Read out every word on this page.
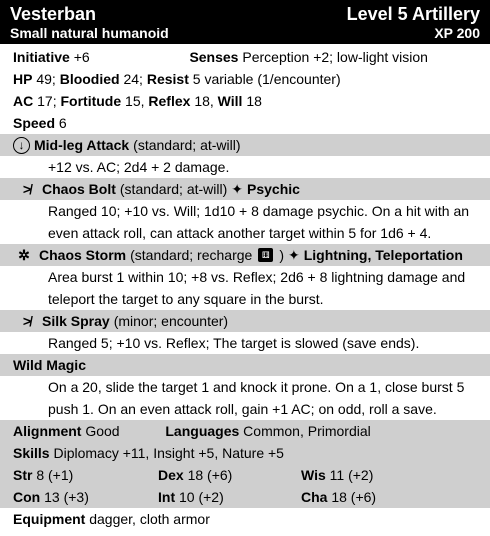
Vesterban	Level 5 Artillery
Small natural humanoid	XP 200
Initiative +6	Senses Perception +2; low-light vision
HP 49; Bloodied 24; Resist 5 variable (1/encounter)
AC 17; Fortitude 15, Reflex 18, Will 18
Speed 6
↓ Mid-leg Attack (standard; at-will)
+12 vs. AC; 2d4 + 2 damage.
≯ Chaos Bolt (standard; at-will) ✦ Psychic
Ranged 10; +10 vs. Will; 1d10 + 8 damage psychic. On a hit with an even attack roll, can attack another target within 5 for 1d6 + 4.
✲ Chaos Storm (standard; recharge	⚅ ) ✦ Lightning, Teleportation
Area burst 1 within 10; +8 vs. Reflex; 2d6 + 8 lightning damage and teleport the target to any square in the burst.
≯ Silk Spray (minor; encounter)
Ranged 5; +10 vs. Reflex; The target is slowed (save ends).
Wild Magic
On a 20, slide the target 1 and knock it prone. On a 1, close burst 5 push 1. On an even attack roll, gain +1 AC; on odd, roll a save.
Alignment Good	Languages Common, Primordial
Skills Diplomacy +11, Insight +5, Nature +5
Str 8 (+1)	Dex 18 (+6)	Wis 11 (+2)
Con 13 (+3)	Int 10 (+2)	Cha 18 (+6)
Equipment dagger, cloth armor
